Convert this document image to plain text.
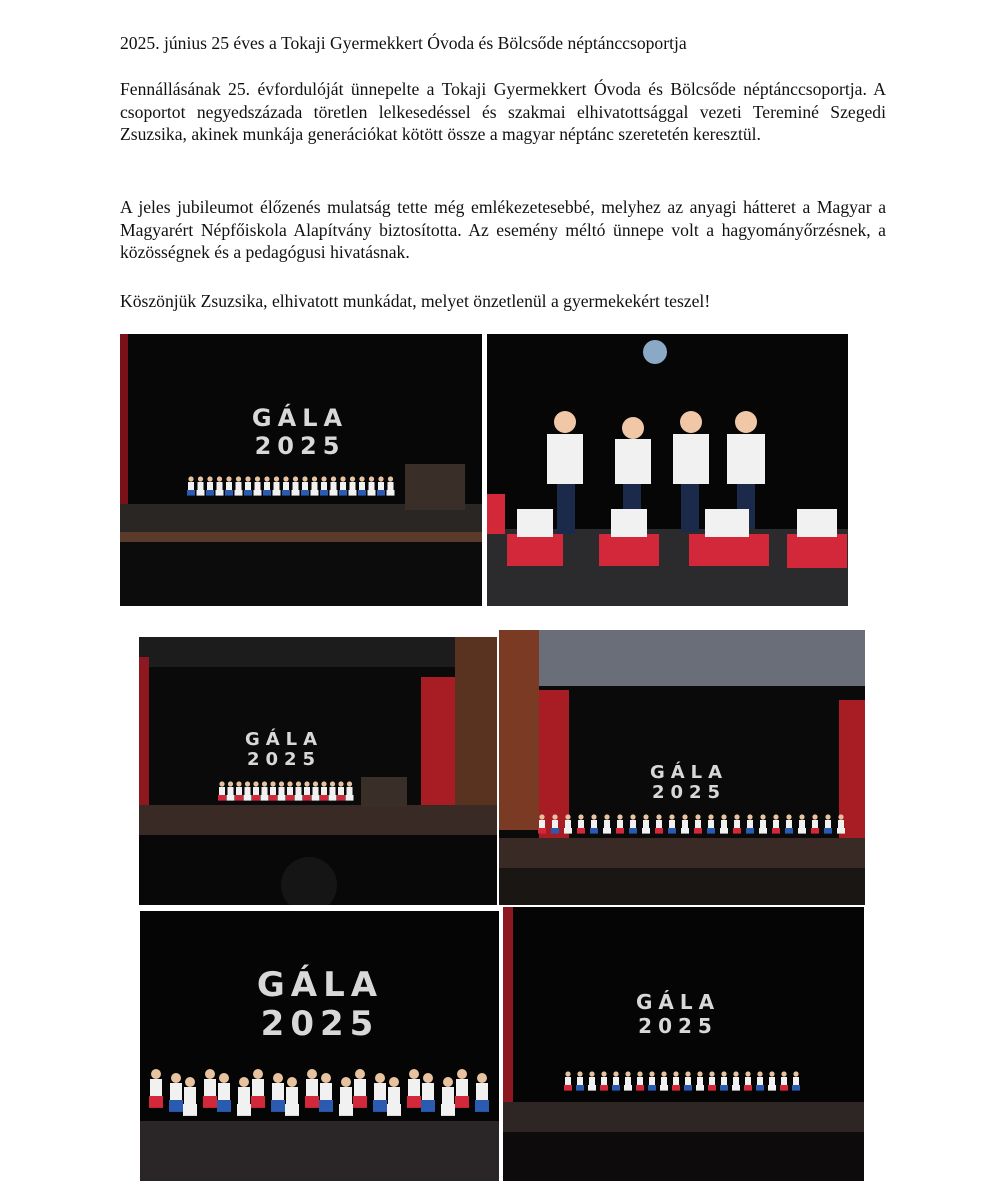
2025. június 25 éves a Tokaji Gyermekkert Óvoda és Bölcsőde néptánccsoportja
Fennállásának 25. évfordulóját ünnepelte a Tokaji Gyermekkert Óvoda és Bölcsőde néptánccsoportja. A csoportot negyedszázada töretlen lelkesedéssel és szakmai elhivatottsággal vezeti Tereminé Szegedi Zsuzsika, akinek munkája generációkat kötött össze a magyar néptánc szeretetén keresztül.
A jeles jubileumot élőzenés mulatság tette még emlékezetesebbé, melyhez az anyagi hátteret a Magyar a Magyarért Népfőiskola Alapítvány biztosította. Az esemény méltó ünnepe volt a hagyományőrzésnek, a közösségnek és a pedagógusi hivatásnak.
Köszönjük Zsuzsika, elhivatott munkádat, melyet önzetlenül a gyermekekért teszel!
GÁLA
2025
GÁLA
2025
GÁLA
2025
GÁLA
2025
GÁLA
2025
